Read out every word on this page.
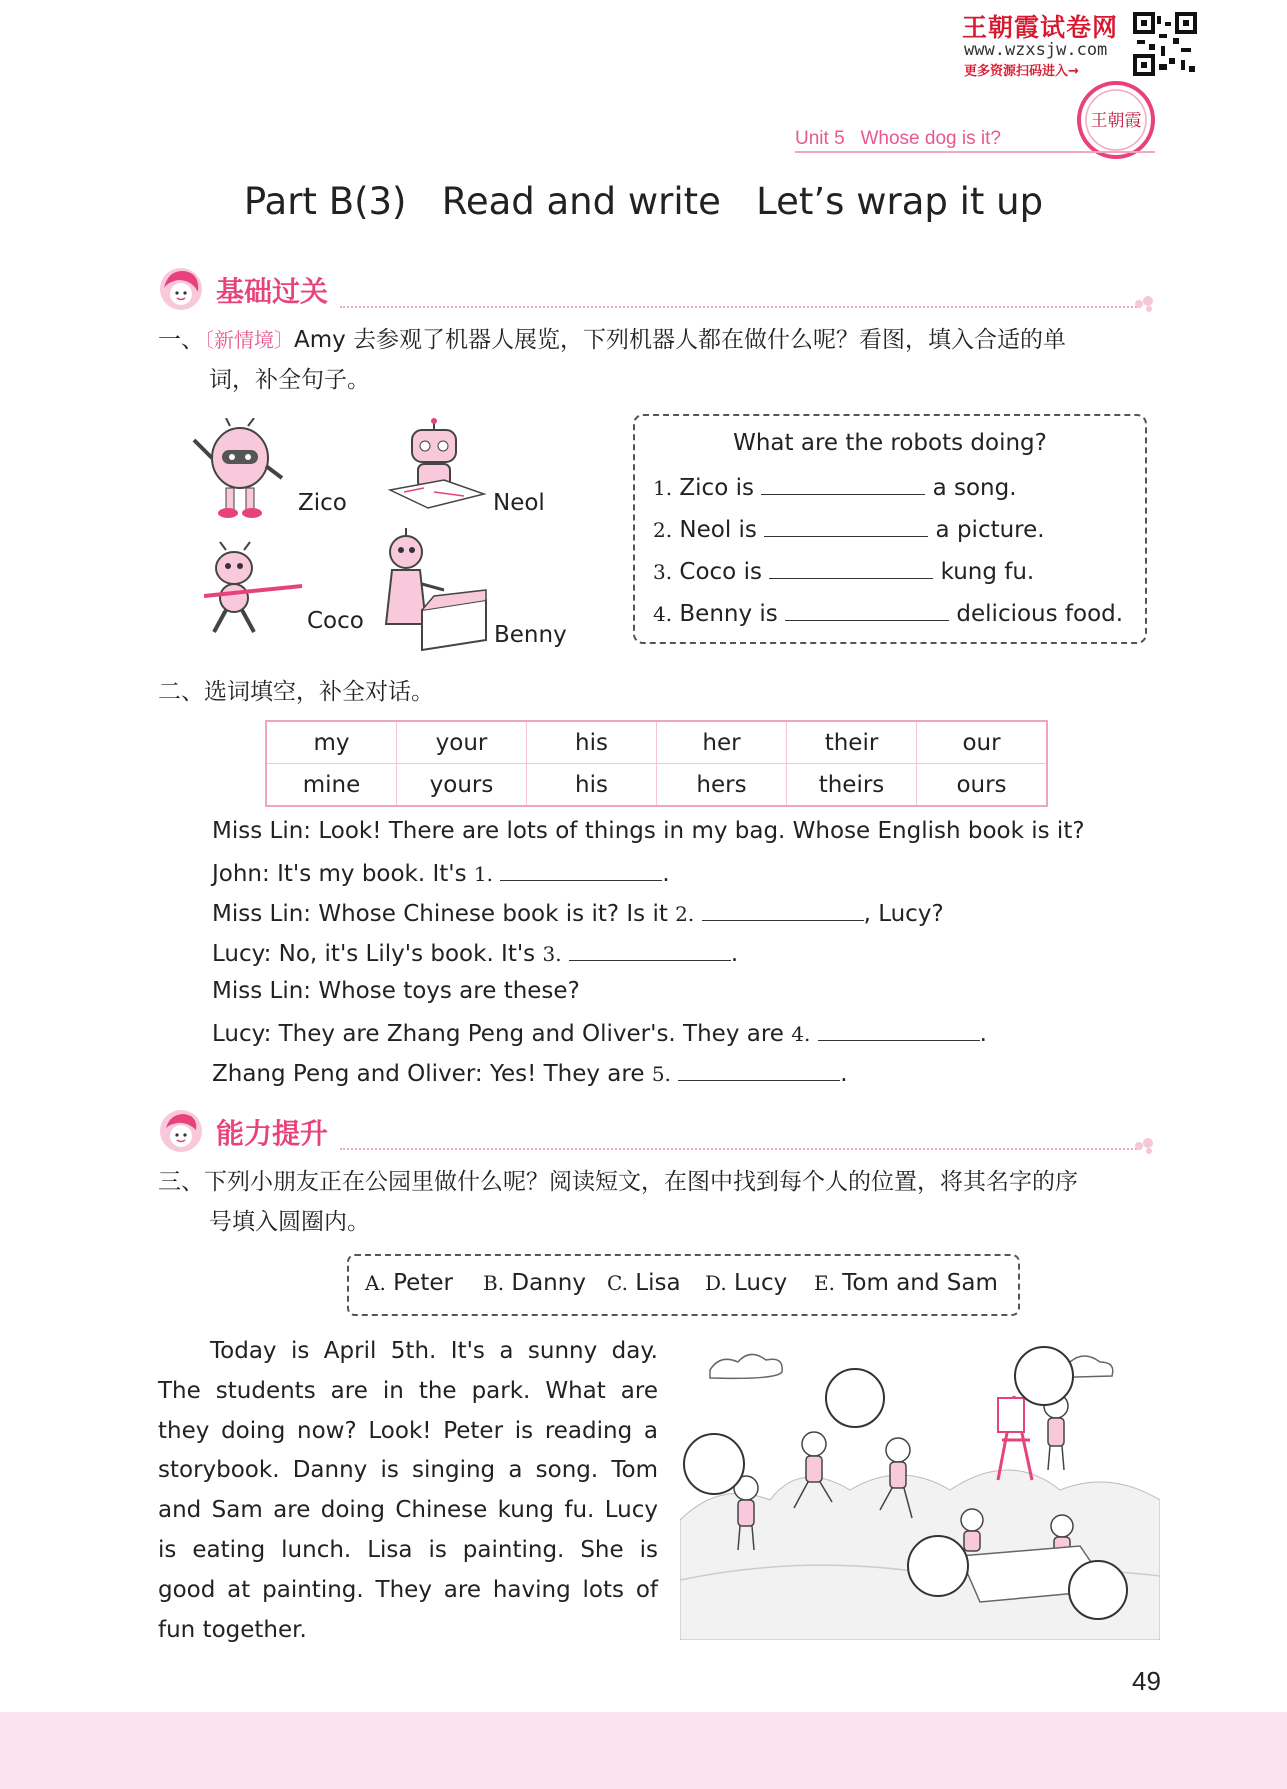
王朝霞试卷网
www.wzxsjw.com
更多资源扫码进入→
王朝霞
Unit 5 Whose dog is it?
Part B(3)   Read and write   Let’s wrap it up
基础过关
一、〔新情境〕Amy 去参观了机器人展览，下列机器人都在做什么呢？看图，填入合适的单
词，补全句子。
Zico	Neol
Coco
Benny
What are the robots doing?
1. Zico is	a song.
2. Neol is	a picture.
3. Coco is	kung fu.
4. Benny is	delicious food.
二、选词填空，补全对话。
my	your	his	her	their	our
mine	yours	his	hers	theirs	ours
Miss Lin: Look! There are lots of things in my bag. Whose English book is it?
John: It's my book. It's 1.	.
Miss Lin: Whose Chinese book is it? Is it 2.	, Lucy?
Lucy: No, it's Lily's book. It's 3.	.
Miss Lin: Whose toys are these?
Lucy: They are Zhang Peng and Oliver's. They are 4.	.
Zhang Peng and Oliver: Yes! They are 5.	.
能力提升
三、下列小朋友正在公园里做什么呢？阅读短文，在图中找到每个人的位置，将其名字的序
号填入圆圈内。
A. Peter B. Danny C. Lisa D. Lucy E. Tom and Sam

Today is April 5th. It's a sunny day. The students are in the park. What are they doing now? Look! Peter is reading a storybook. Danny is singing a song. Tom and Sam are doing Chinese kung fu. Lucy is eating lunch. Lisa is painting. She is good at painting. They are having lots of fun together.

49
